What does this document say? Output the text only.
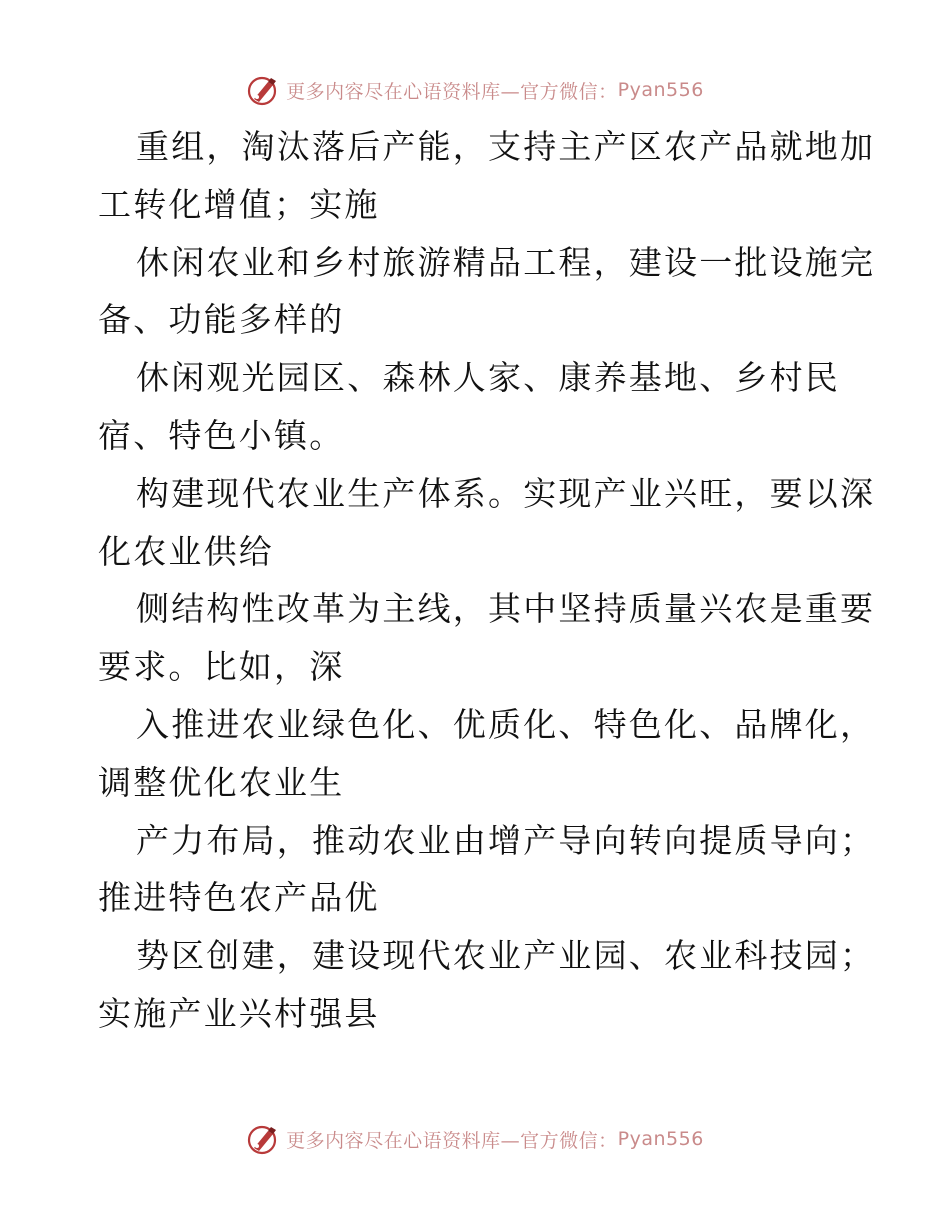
更多内容尽在心语资料库—官方微信： Pyan556
重组，淘汰落后产能，支持主产区农产品就地加
工转化增值；实施
休闲农业和乡村旅游精品工程，建设一批设施完
备、功能多样的
休闲观光园区、森林人家、康养基地、乡村民
宿、特色小镇。
构建现代农业生产体系。实现产业兴旺，要以深
化农业供给
侧结构性改革为主线，其中坚持质量兴农是重要
要求。比如，深
入推进农业绿色化、优质化、特色化、品牌化，
调整优化农业生
产力布局，推动农业由增产导向转向提质导向；
推进特色农产品优
势区创建，建设现代农业产业园、农业科技园；
实施产业兴村强县
更多内容尽在心语资料库—官方微信： Pyan556
